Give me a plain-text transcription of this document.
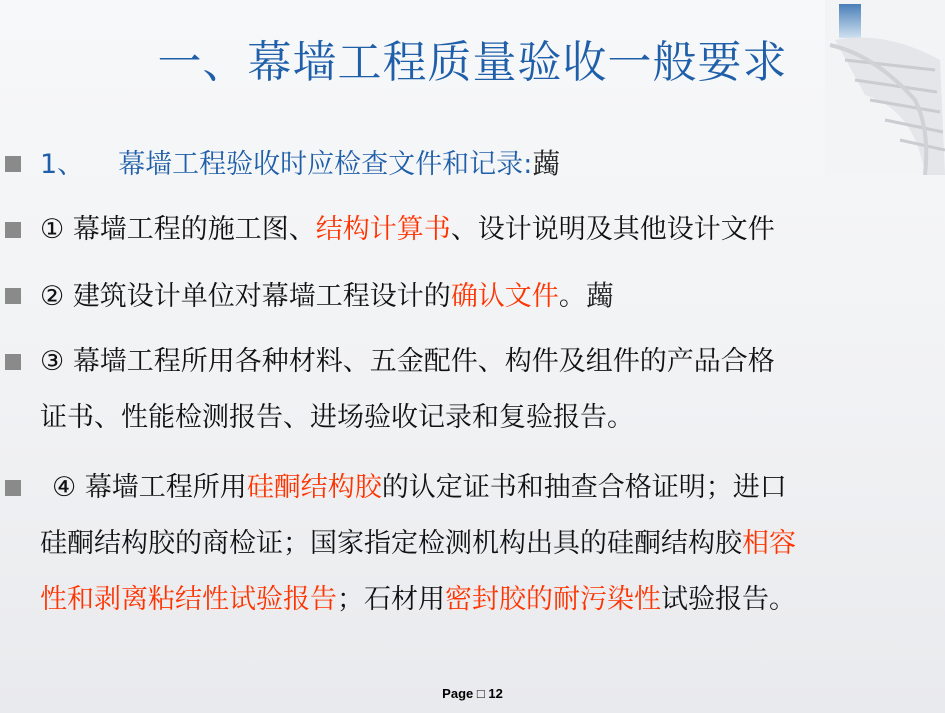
一、幕墙工程质量验收一般要求
1、 幕墙工程验收时应检查文件和记录:䕽
① 幕墙工程的施工图、结构计算书、设计说明及其他设计文件
② 建筑设计单位对幕墙工程设计的确认文件。䕽
③ 幕墙工程所用各种材料、五金配件、构件及组件的产品合格
证书、性能检测报告、进场验收记录和复验报告。
④ 幕墙工程所用硅酮结构胶的认定证书和抽查合格证明；进口
硅酮结构胶的商检证；国家指定检测机构出具的硅酮结构胶相容
性和剥离粘结性试验报告；石材用密封胶的耐污染性试验报告。
Page □ 12
